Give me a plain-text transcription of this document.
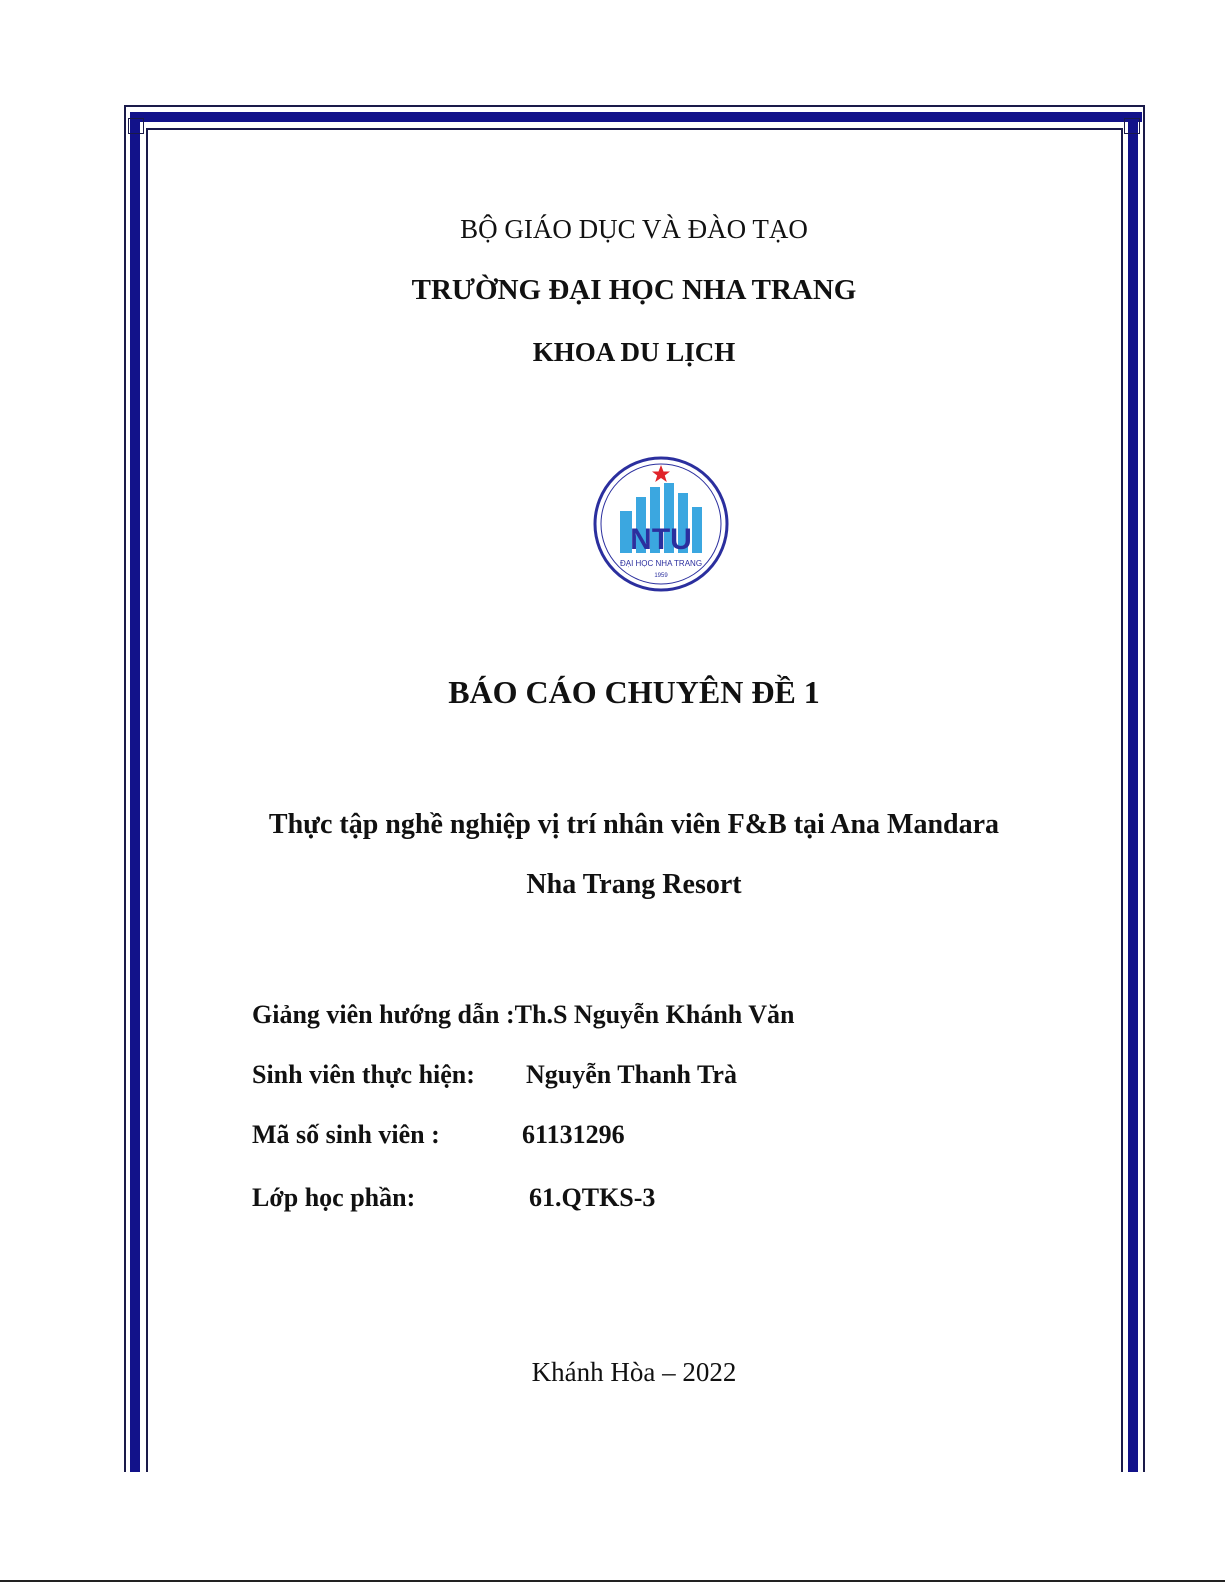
BỘ GIÁO DỤC VÀ ĐÀO TẠO
TRƯỜNG ĐẠI HỌC NHA TRANG
KHOA DU LỊCH
NTU
ĐẠI HỌC NHA TRANG
1959
BÁO CÁO CHUYÊN ĐỀ 1
Thực tập nghề nghiệp vị trí nhân viên F&B tại Ana Mandara
Nha Trang Resort
Giảng viên hướng dẫn :Th.S Nguyễn Khánh Văn
Sinh viên thực hiện: Nguyễn Thanh Trà
Mã số sinh viên :	61131296
Lớp học phần:	61.QTKS-3
Khánh Hòa – 2022
